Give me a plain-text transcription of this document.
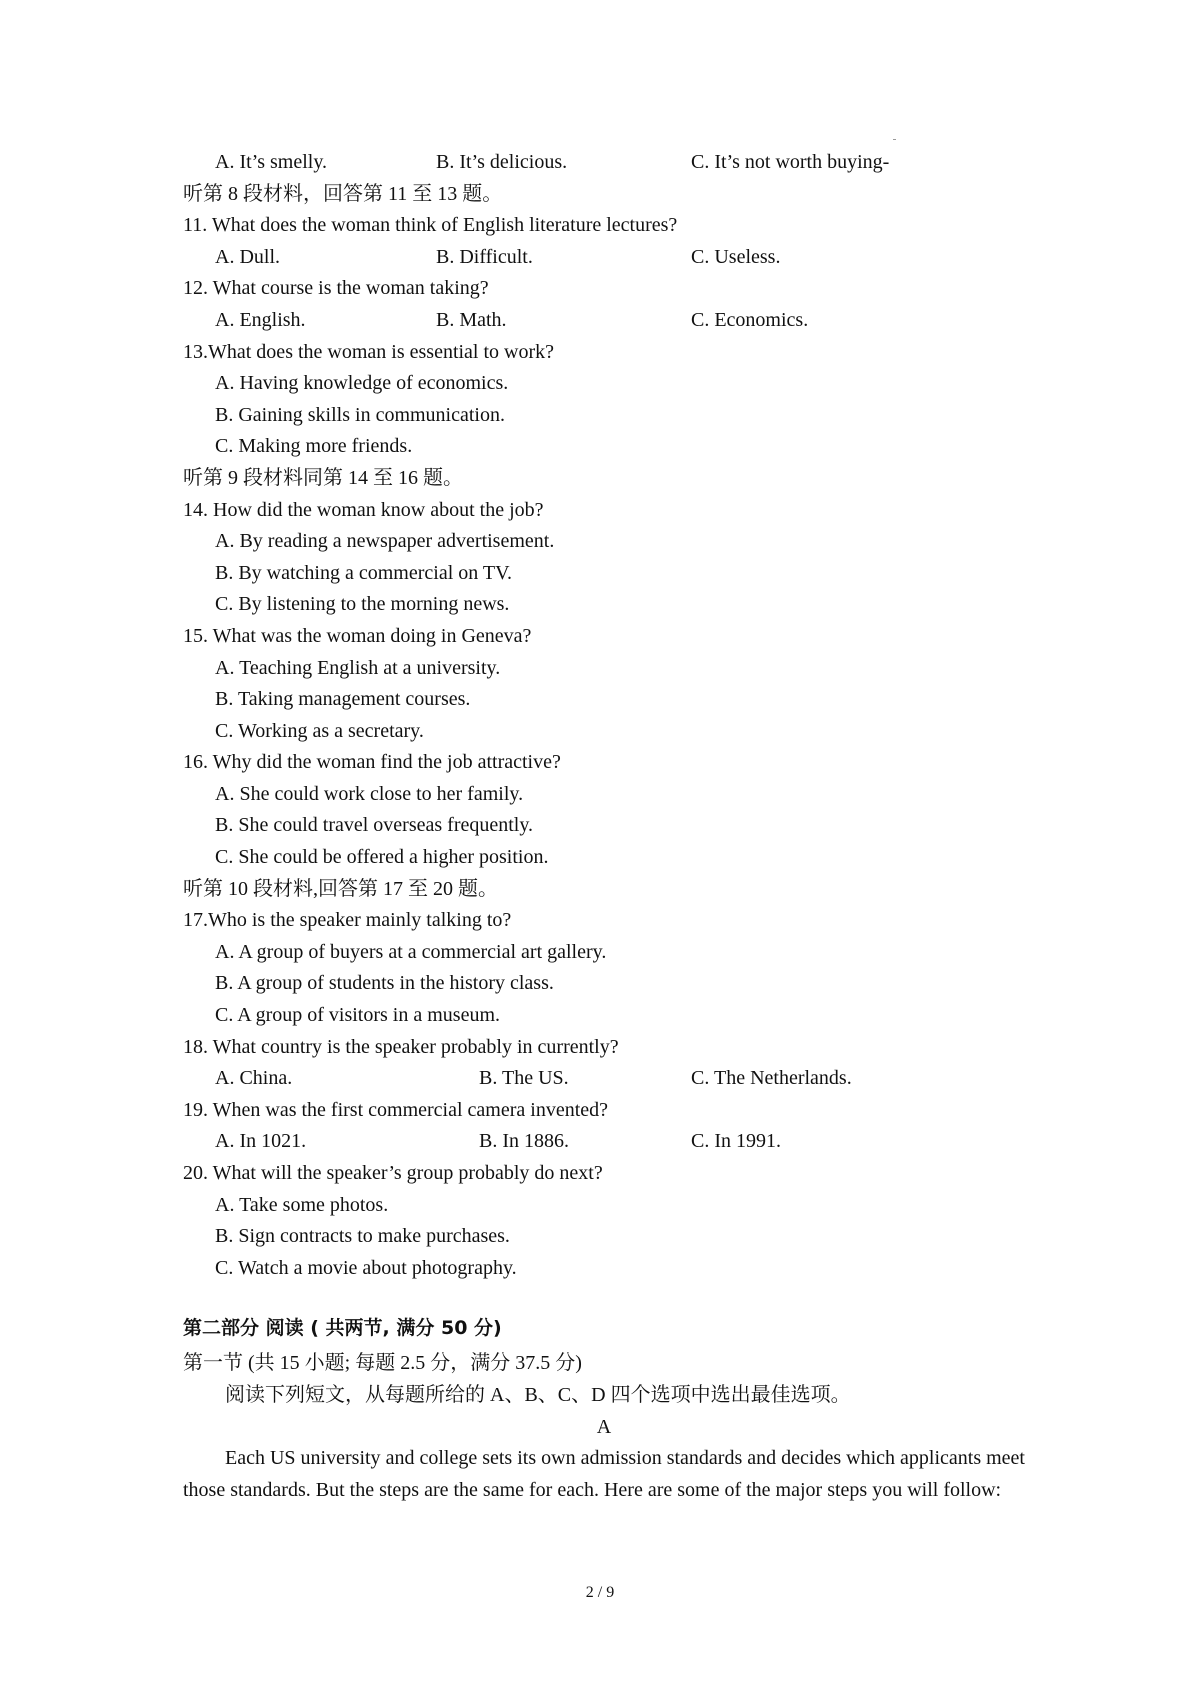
A. It’s smelly.	B. It’s delicious.	C. It’s not worth buying-
听第 8 段材料，回答第 11 至 13 题。
11. What does the woman think of English literature lectures?
A. Dull.	B. Difficult.	C. Useless.
12. What course is the woman taking?
A. English.	B. Math.	C. Economics.
13.What does the woman is essential to work?
A. Having knowledge of economics.
B. Gaining skills in communication.
C. Making more friends.
听第 9 段材料同第 14 至 16 题。
14. How did the woman know about the job?
A. By reading a newspaper advertisement.
B. By watching a commercial on TV.
C. By listening to the morning news.
15. What was the woman doing in Geneva?
A. Teaching English at a university.
B. Taking management courses.
C. Working as a secretary.
16. Why did the woman find the job attractive?
A. She could work close to her family.
B. She could travel overseas frequently.
C. She could be offered a higher position.
听第 10 段材料,回答第 17 至 20 题。
17.Who is the speaker mainly talking to?
A. A group of buyers at a commercial art gallery.
B. A group of students in the history class.
C. A group of visitors in a museum.
18. What country is the speaker probably in currently?
A. China.	B. The US.	C. The Netherlands.
19. When was the first commercial camera invented?
A. In 1021.	B. In 1886.	C. In 1991.
20. What will the speaker’s group probably do next?
A. Take some photos.
B. Sign contracts to make purchases.
C. Watch a movie about photography.
第二部分 阅读 ( 共两节, 满分 50 分)
第一节 (共 15 小题; 每题 2.5 分，满分 37.5 分)
阅读下列短文，从每题所给的 A、B、C、D 四个选项中选出最佳选项。
A
Each US university and college sets its own admission standards and decides which applicants meet those standards. But the steps are the same for each. Here are some of the major steps you will follow:
2 / 9
